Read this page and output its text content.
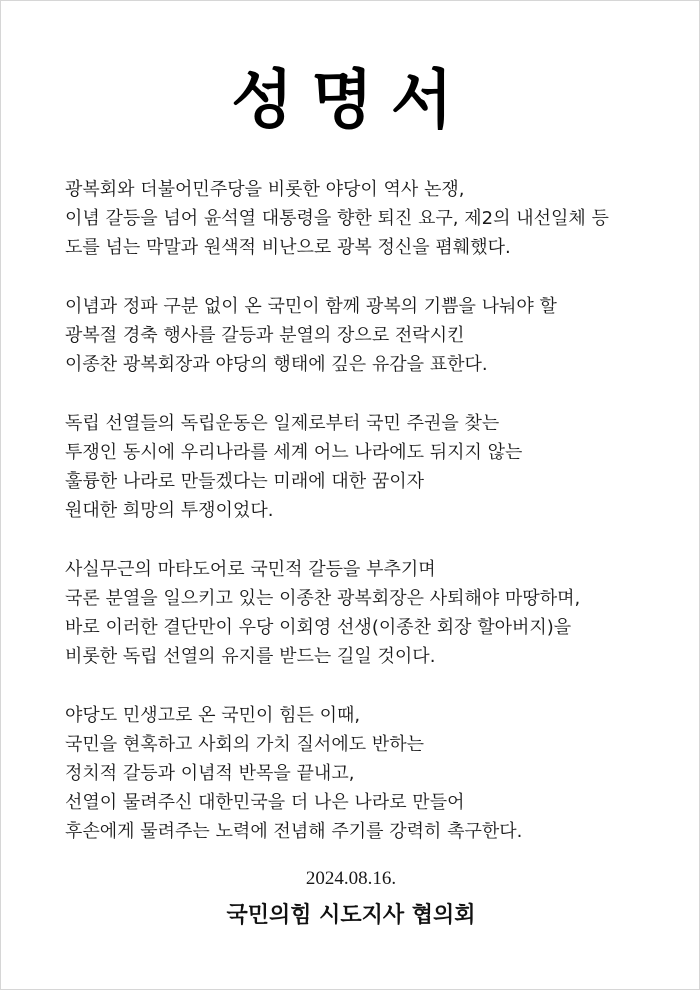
성명서
광복회와 더불어민주당을 비롯한 야당이 역사 논쟁,
이념 갈등을 넘어 윤석열 대통령을 향한 퇴진 요구, 제2의 내선일체 등
도를 넘는 막말과 원색적 비난으로 광복 정신을 폄훼했다.
이념과 정파 구분 없이 온 국민이 함께 광복의 기쁨을 나눠야 할
광복절 경축 행사를 갈등과 분열의 장으로 전락시킨
이종찬 광복회장과 야당의 행태에 깊은 유감을 표한다.
독립 선열들의 독립운동은 일제로부터 국민 주권을 찾는
투쟁인 동시에 우리나라를 세계 어느 나라에도 뒤지지 않는
훌륭한 나라로 만들겠다는 미래에 대한 꿈이자
원대한 희망의 투쟁이었다.
사실무근의 마타도어로 국민적 갈등을 부추기며
국론 분열을 일으키고 있는 이종찬 광복회장은 사퇴해야 마땅하며,
바로 이러한 결단만이 우당 이회영 선생(이종찬 회장 할아버지)을
비롯한 독립 선열의 유지를 받드는 길일 것이다.
야당도 민생고로 온 국민이 힘든 이때,
국민을 현혹하고 사회의 가치 질서에도 반하는
정치적 갈등과 이념적 반목을 끝내고,
선열이 물려주신 대한민국을 더 나은 나라로 만들어
후손에게 물려주는 노력에 전념해 주기를 강력히 촉구한다.
2024.08.16.
국민의힘 시도지사 협의회
